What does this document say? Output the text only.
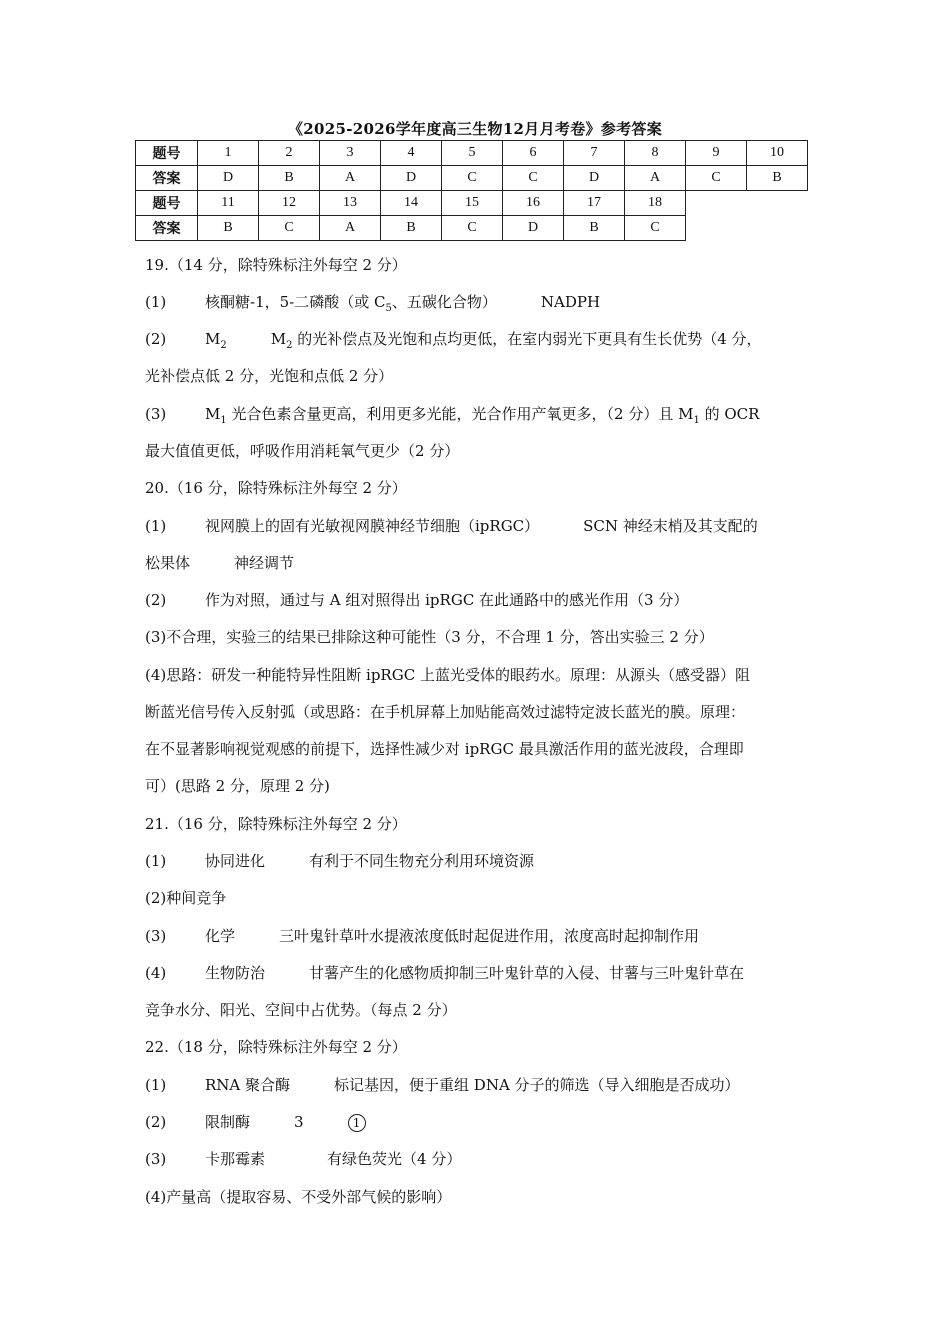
《2025-2026学年度高三生物12月月考卷》参考答案
题号	1	2	3	4	5	6	7	8	9	10
答案	D	B	A	D	C	C	D	A	C	B
题号	11	12	13	14	15	16	17	18		
答案	B	C	A	B	C	D	B	C		
19.（14 分，除特殊标注外每空 2 分）
(1)	核酮糖-1，5-二磷酸（或 $C_5$、五碳化合物）	NADPH
(2)	$M_2$	$M_2$ 的光补偿点及光饱和点均更低，在室内弱光下更具有生长优势（4 分，
光补偿点低 2 分，光饱和点低 2 分）
(3)	$M_1$ 光合色素含量更高，利用更多光能，光合作用产氧更多，（2 分）且 $M_1$ 的 OCR
最大值值更低，呼吸作用消耗氧气更少（2 分）
20.（16 分，除特殊标注外每空 2 分）
(1)	视网膜上的固有光敏视网膜神经节细胞（ipRGC）	SCN 神经末梢及其支配的
松果体	神经调节
(2)	作为对照，通过与 A 组对照得出 ipRGC 在此通路中的感光作用（3 分）
(3)不合理，实验三的结果已排除这种可能性（3 分，不合理 1 分，答出实验三 2 分）
(4)思路：研发一种能特异性阻断 ipRGC 上蓝光受体的眼药水。原理：从源头（感受器）阻
断蓝光信号传入反射弧（或思路：在手机屏幕上加贴能高效过滤特定波长蓝光的膜。原理：
在不显著影响视觉观感的前提下，选择性减少对 ipRGC 最具激活作用的蓝光波段，合理即
可）(思路 2 分，原理 2 分)
21.（16 分，除特殊标注外每空 2 分）
(1)	协同进化	有利于不同生物充分利用环境资源
(2)种间竞争
(3)	化学	三叶鬼针草叶水提液浓度低时起促进作用，浓度高时起抑制作用
(4)	生物防治	甘薯产生的化感物质抑制三叶鬼针草的入侵、甘薯与三叶鬼针草在
竞争水分、阳光、空间中占优势。（每点 2 分）
22.（18 分，除特殊标注外每空 2 分）
(1)	RNA 聚合酶	标记基因，便于重组 DNA 分子的筛选（导入细胞是否成功）
(2)	限制酶	3	1
(3)	卡那霉素	有绿色荧光（4 分）
(4)产量高（提取容易、不受外部气候的影响）
